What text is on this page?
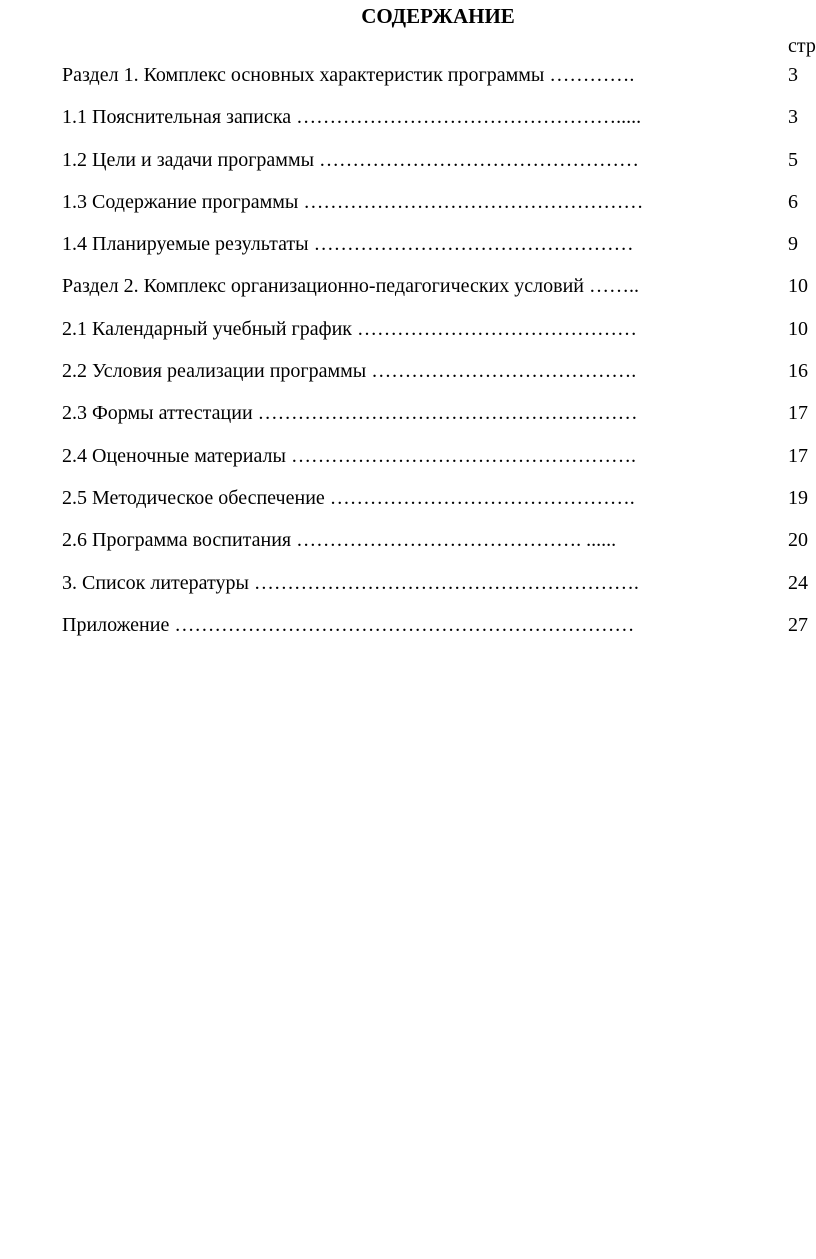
СОДЕРЖАНИЕ
стр
Раздел 1. Комплекс основных характеристик программы ………….	3
1.1 Пояснительная записка ………………………………………….....	3
1.2 Цели и задачи программы …………………………………………	5
1.3 Содержание программы ……………………………………………	6
1.4 Планируемые результаты …………………………………………	9
Раздел 2. Комплекс организационно-педагогических условий ……..	10
2.1 Календарный учебный график ……………………………………	10
2.2 Условия реализации программы ………………………………….	16
2.3 Формы аттестации …………………………………………………	17
2.4 Оценочные материалы …………………………………………….	17
2.5 Методическое обеспечение ……………………………………….	19
2.6 Программа воспитания ……………………………………. ......	20
3. Список литературы ………………………………………………….	24
Приложение ……………………………………………………………	27
